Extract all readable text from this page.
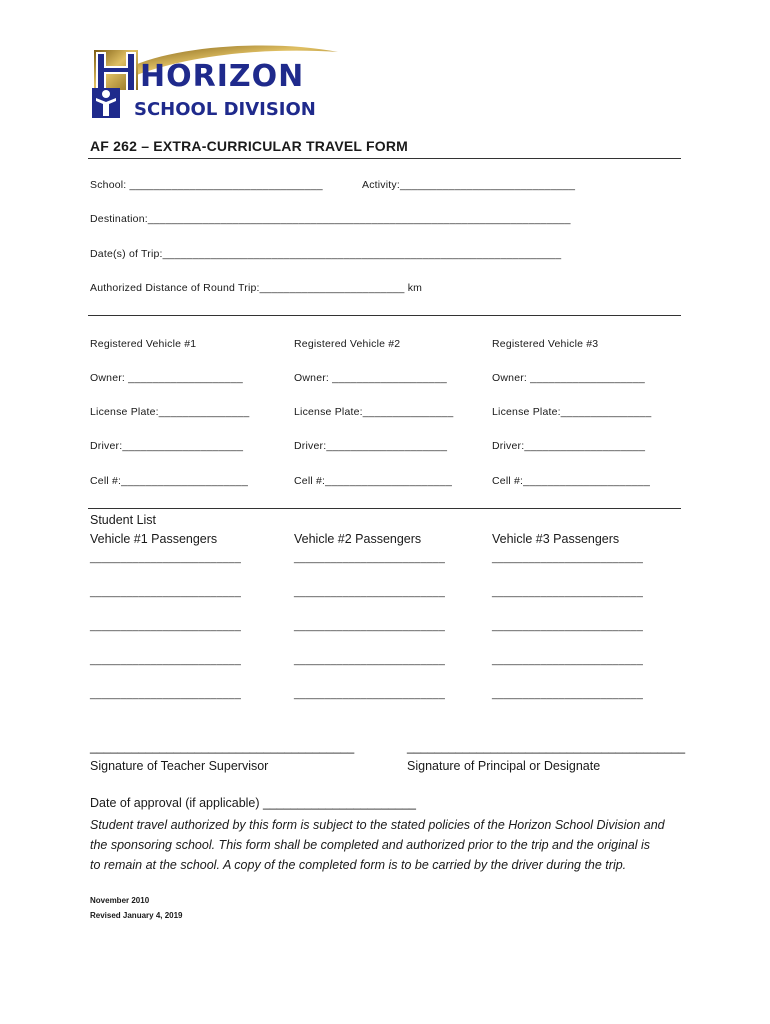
HORIZON
SCHOOL DIVISION
AF 262 – EXTRA-CURRICULAR TRAVEL FORM
School: ________________________________	Activity:_____________________________
Destination:______________________________________________________________________
Date(s) of Trip:__________________________________________________________________
Authorized Distance of Round Trip:________________________ km
Registered Vehicle #1	Registered Vehicle #2	Registered Vehicle #3
Owner: ___________________	Owner: ___________________	Owner: ___________________
License Plate:_______________	License Plate:_______________	License Plate:_______________
Driver:____________________	Driver:____________________	Driver:____________________
Cell #:_____________________	Cell #:_____________________	Cell #:_____________________
Student List
Vehicle #1 Passengers	Vehicle #2 Passengers	Vehicle #3 Passengers
_________________________	_________________________	_________________________
_________________________	_________________________	_________________________
_________________________	_________________________	_________________________
_________________________	_________________________	_________________________
_________________________	_________________________	_________________________
______________________________________	________________________________________
Signature of Teacher Supervisor	Signature of Principal or Designate
Date of approval (if applicable) ______________________
Student travel authorized by this form is subject to the stated policies of the Horizon School Division and
the sponsoring school. This form shall be completed and authorized prior to the trip and the original is
to remain at the school. A copy of the completed form is to be carried by the driver during the trip.
November 2010
Revised January 4, 2019
